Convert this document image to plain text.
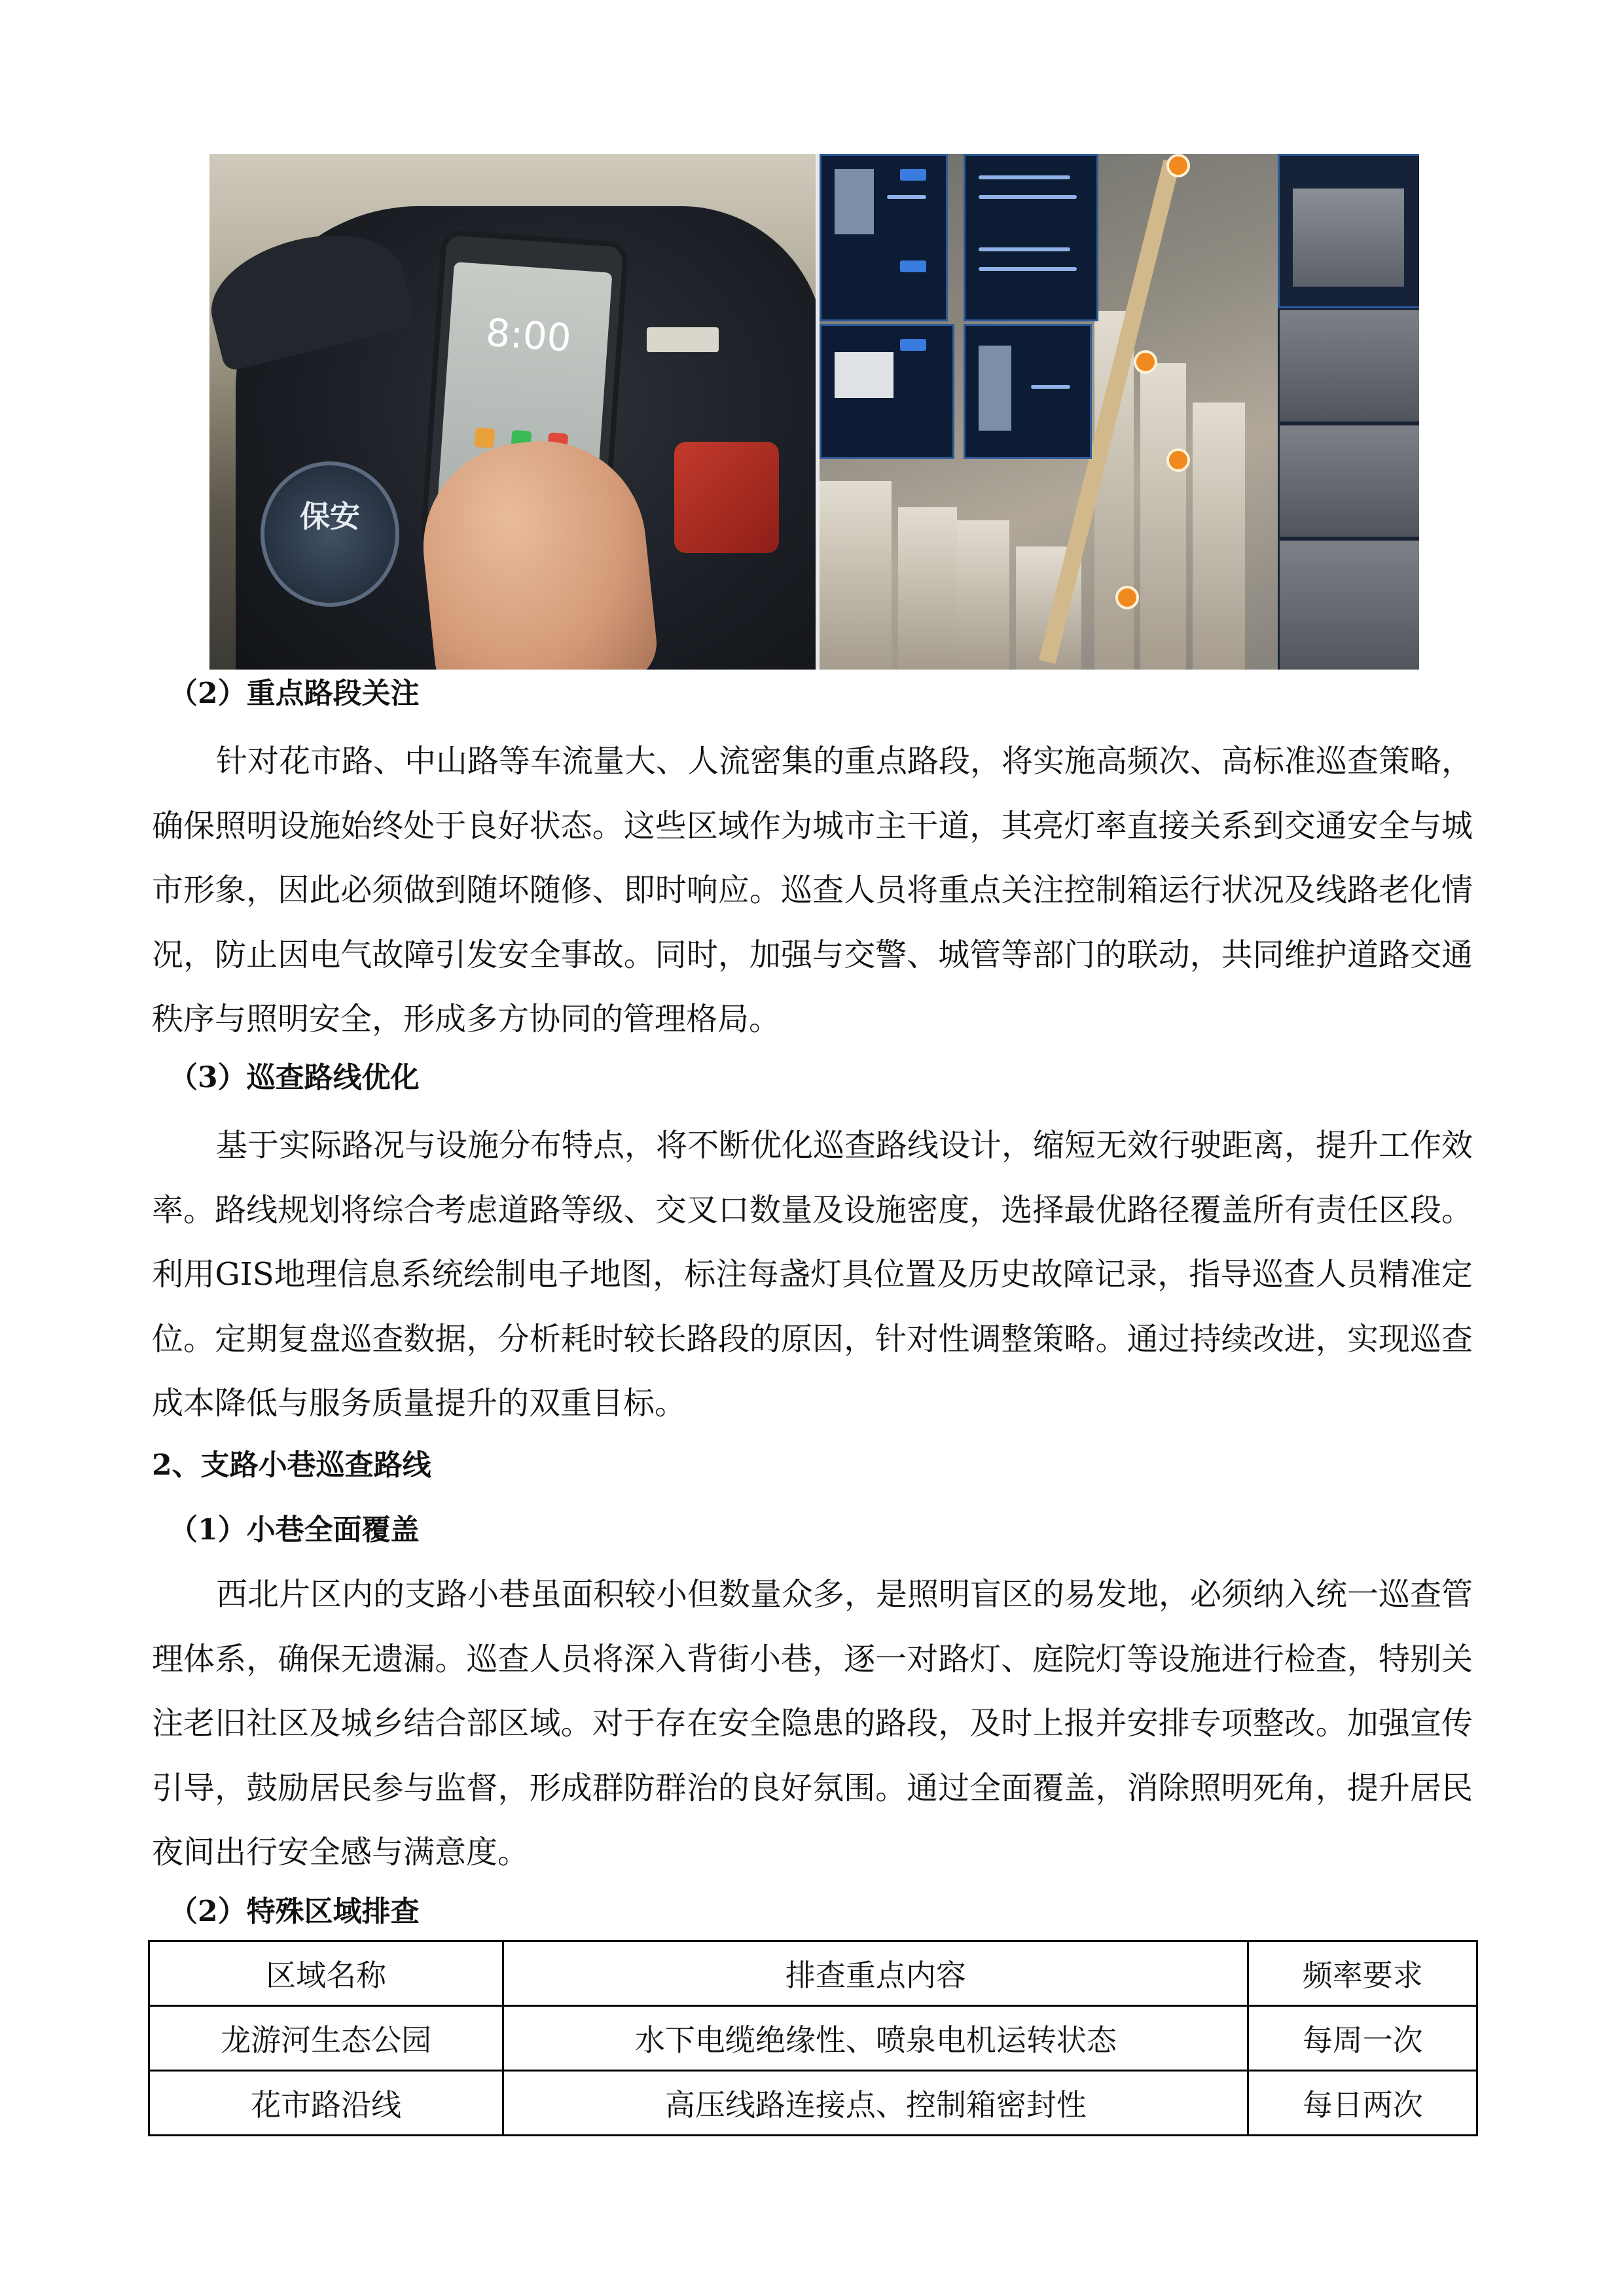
保安
8:00
（2）重点路段关注
针对花市路、中山路等车流量大、人流密集的重点路段，将实施高频次、高标准巡查策略，确保照明设施始终处于良好状态。这些区域作为城市主干道，其亮灯率直接关系到交通安全与城市形象，因此必须做到随坏随修、即时响应。巡查人员将重点关注控制箱运行状况及线路老化情况，防止因电气故障引发安全事故。同时，加强与交警、城管等部门的联动，共同维护道路交通秩序与照明安全，形成多方协同的管理格局。
（3）巡查路线优化
基于实际路况与设施分布特点，将不断优化巡查路线设计，缩短无效行驶距离，提升工作效率。路线规划将综合考虑道路等级、交叉口数量及设施密度，选择最优路径覆盖所有责任区段。利用GIS地理信息系统绘制电子地图，标注每盏灯具位置及历史故障记录，指导巡查人员精准定位。定期复盘巡查数据，分析耗时较长路段的原因，针对性调整策略。通过持续改进，实现巡查成本降低与服务质量提升的双重目标。
2、支路小巷巡查路线
（1）小巷全面覆盖
西北片区内的支路小巷虽面积较小但数量众多，是照明盲区的易发地，必须纳入统一巡查管理体系，确保无遗漏。巡查人员将深入背街小巷，逐一对路灯、庭院灯等设施进行检查，特别关注老旧社区及城乡结合部区域。对于存在安全隐患的路段，及时上报并安排专项整改。加强宣传引导，鼓励居民参与监督，形成群防群治的良好氛围。通过全面覆盖，消除照明死角，提升居民夜间出行安全感与满意度。
（2）特殊区域排查
区域名称	排查重点内容	频率要求
龙游河生态公园	水下电缆绝缘性、喷泉电机运转状态	每周一次
花市路沿线	高压线路连接点、控制箱密封性	每日两次
